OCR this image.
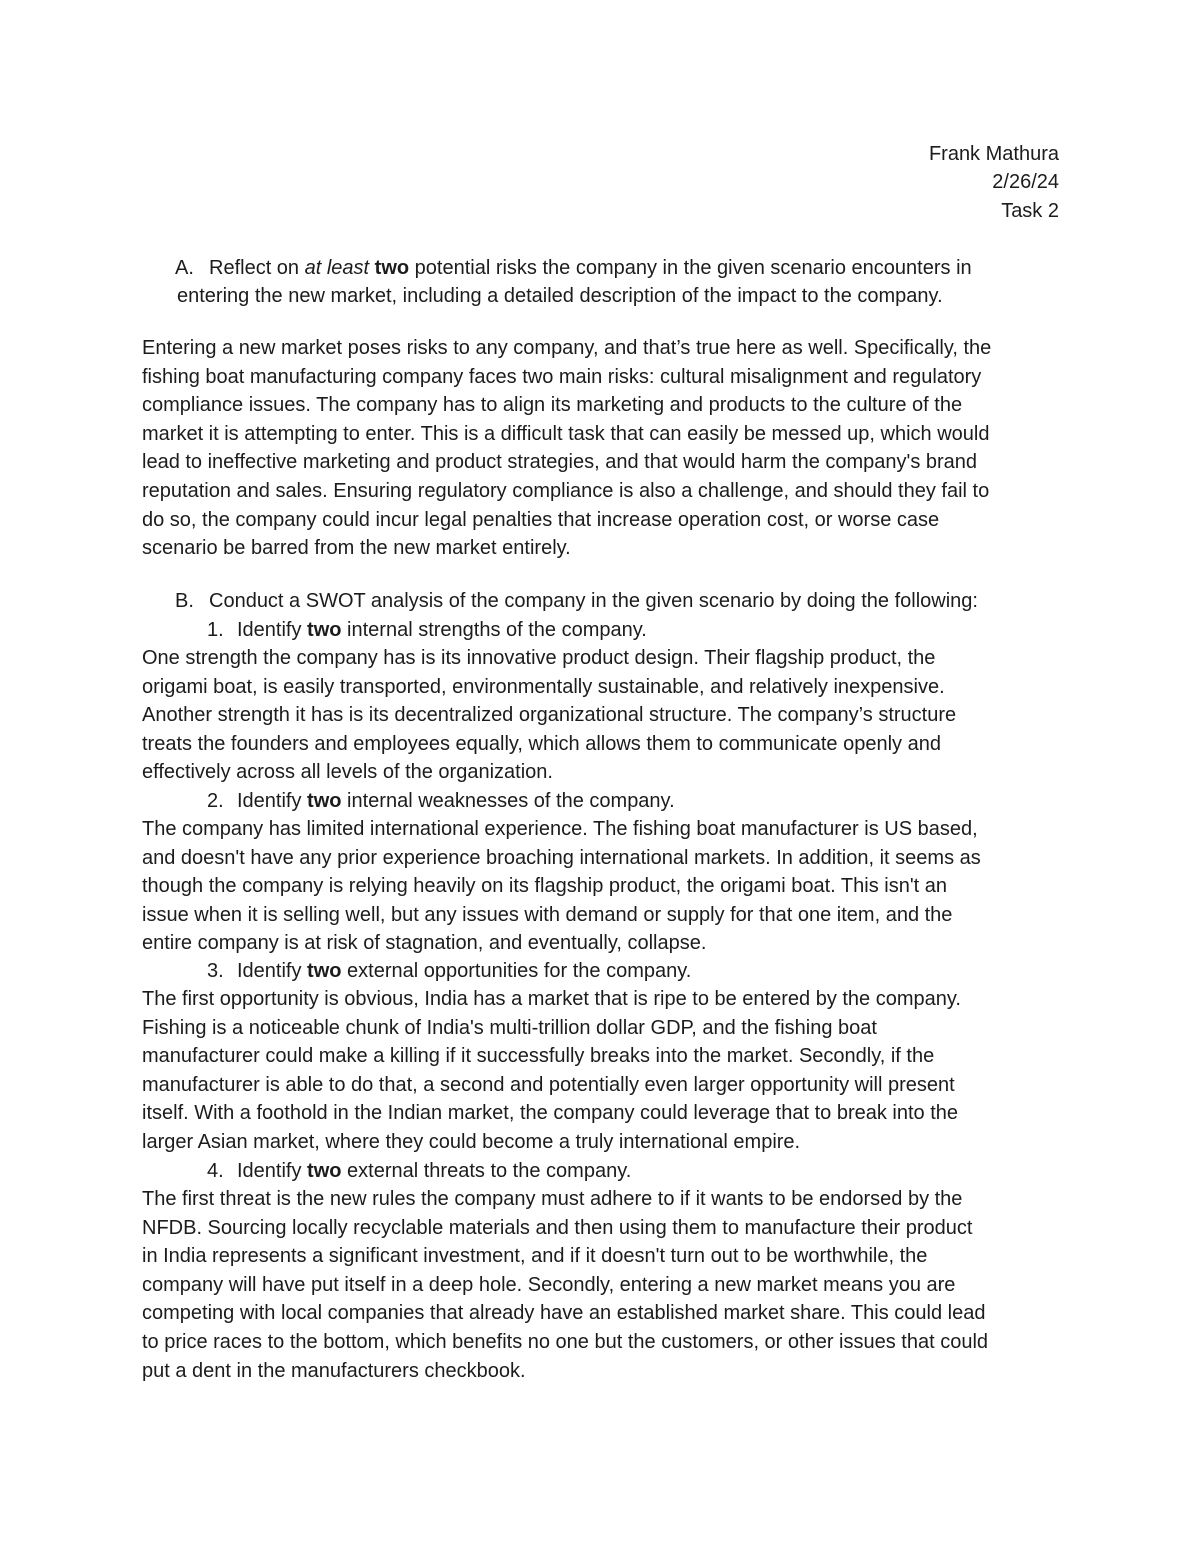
Frank Mathura
2/26/24
Task 2
A. Reflect on at least two potential risks the company in the given scenario encounters in
entering the new market, including a detailed description of the impact to the company.
Entering a new market poses risks to any company, and that’s true here as well. Specifically, the
fishing boat manufacturing company faces two main risks: cultural misalignment and regulatory
compliance issues. The company has to align its marketing and products to the culture of the
market it is attempting to enter. This is a difficult task that can easily be messed up, which would
lead to ineffective marketing and product strategies, and that would harm the company's brand
reputation and sales. Ensuring regulatory compliance is also a challenge, and should they fail to
do so, the company could incur legal penalties that increase operation cost, or worse case
scenario be barred from the new market entirely.
B. Conduct a SWOT analysis of the company in the given scenario by doing the following:
1. Identify two internal strengths of the company.
One strength the company has is its innovative product design. Their flagship product, the
origami boat, is easily transported, environmentally sustainable, and relatively inexpensive.
Another strength it has is its decentralized organizational structure. The company’s structure
treats the founders and employees equally, which allows them to communicate openly and
effectively across all levels of the organization.
2. Identify two internal weaknesses of the company.
The company has limited international experience. The fishing boat manufacturer is US based,
and doesn't have any prior experience broaching international markets. In addition, it seems as
though the company is relying heavily on its flagship product, the origami boat. This isn't an
issue when it is selling well, but any issues with demand or supply for that one item, and the
entire company is at risk of stagnation, and eventually, collapse.
3. Identify two external opportunities for the company.
The first opportunity is obvious, India has a market that is ripe to be entered by the company.
Fishing is a noticeable chunk of India's multi-trillion dollar GDP, and the fishing boat
manufacturer could make a killing if it successfully breaks into the market. Secondly, if the
manufacturer is able to do that, a second and potentially even larger opportunity will present
itself. With a foothold in the Indian market, the company could leverage that to break into the
larger Asian market, where they could become a truly international empire.
4. Identify two external threats to the company.
The first threat is the new rules the company must adhere to if it wants to be endorsed by the
NFDB. Sourcing locally recyclable materials and then using them to manufacture their product
in India represents a significant investment, and if it doesn't turn out to be worthwhile, the
company will have put itself in a deep hole. Secondly, entering a new market means you are
competing with local companies that already have an established market share. This could lead
to price races to the bottom, which benefits no one but the customers, or other issues that could
put a dent in the manufacturers checkbook.
